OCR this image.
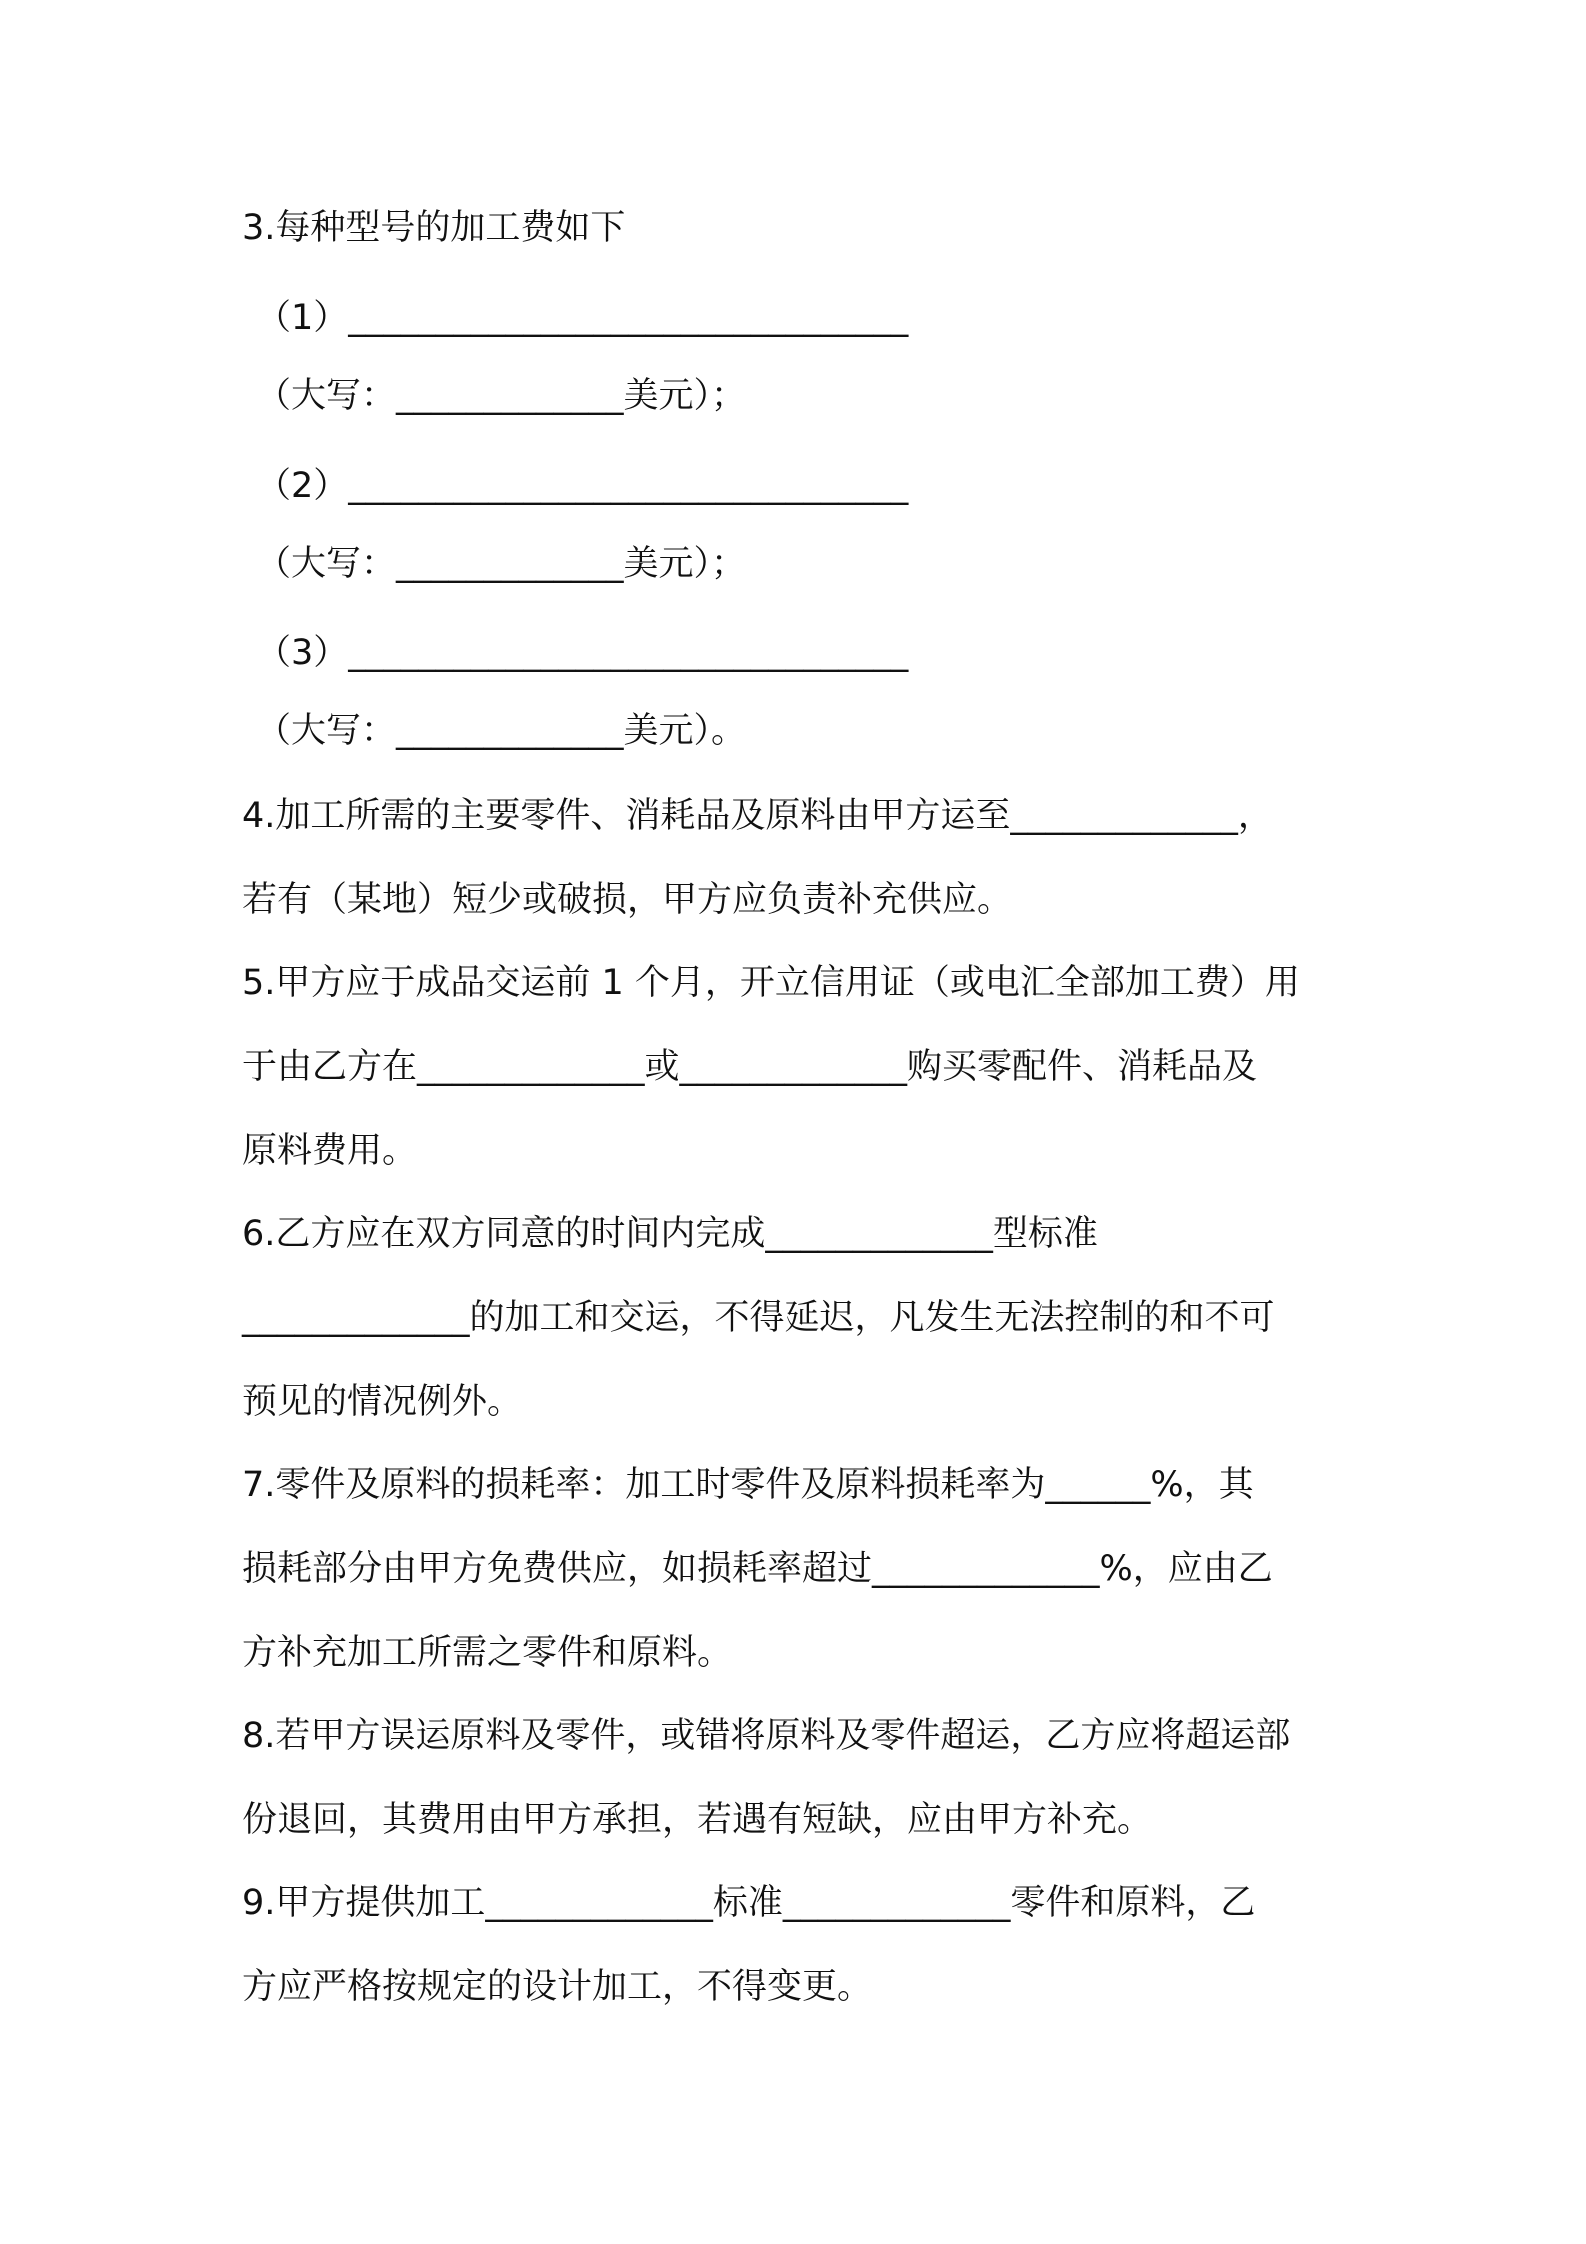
3.每种型号的加工费如下
（1）________________________________
（大写：_____________美元）；
（2）________________________________
（大写：_____________美元）；
（3）________________________________
（大写：_____________美元）。
4.加工所需的主要零件、消耗品及原料由甲方运至_____________，
若有（某地）短少或破损，甲方应负责补充供应。
5.甲方应于成品交运前 1 个月，开立信用证（或电汇全部加工费）用
于由乙方在_____________或_____________购买零配件、消耗品及
原料费用。
6.乙方应在双方同意的时间内完成_____________型标准
_____________的加工和交运，不得延迟，凡发生无法控制的和不可
预见的情况例外。
7.零件及原料的损耗率：加工时零件及原料损耗率为______%，其
损耗部分由甲方免费供应，如损耗率超过_____________%，应由乙
方补充加工所需之零件和原料。
8.若甲方误运原料及零件，或错将原料及零件超运，乙方应将超运部
份退回，其费用由甲方承担，若遇有短缺，应由甲方补充。
9.甲方提供加工_____________标准_____________零件和原料，乙
方应严格按规定的设计加工，不得变更。
